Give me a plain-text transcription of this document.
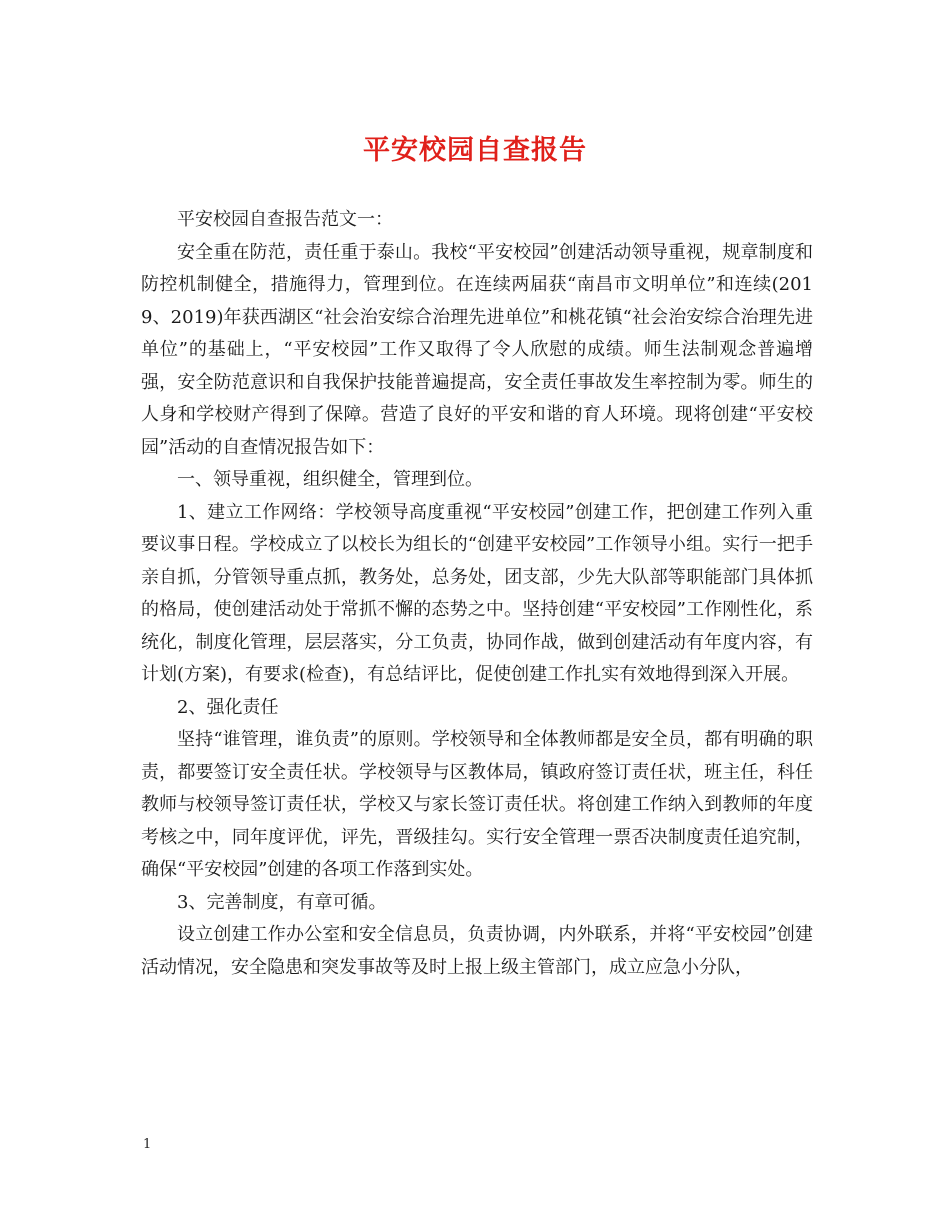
平安校园自查报告

平安校园自查报告范文一：

安全重在防范，责任重于泰山。我校“平安校园”创建活动领导重视，规章制度和防控机制健全，措施得力，管理到位。在连续两届获“南昌市文明单位”和连续(2019、2019)年获西湖区“社会治安综合治理先进单位”和桃花镇“社会治安综合治理先进单位”的基础上，“平安校园”工作又取得了令人欣慰的成绩。师生法制观念普遍增强，安全防范意识和自我保护技能普遍提高，安全责任事故发生率控制为零。师生的人身和学校财产得到了保障。营造了良好的平安和谐的育人环境。现将创建“平安校园”活动的自查情况报告如下：

一、领导重视，组织健全，管理到位。

1、建立工作网络：学校领导高度重视“平安校园”创建工作，把创建工作列入重要议事日程。学校成立了以校长为组长的“创建平安校园”工作领导小组。实行一把手亲自抓，分管领导重点抓，教务处，总务处，团支部，少先大队部等职能部门具体抓的格局，使创建活动处于常抓不懈的态势之中。坚持创建“平安校园”工作刚性化，系统化，制度化管理，层层落实，分工负责，协同作战，做到创建活动有年度内容，有计划(方案)，有要求(检查)，有总结评比，促使创建工作扎实有效地得到深入开展。

2、强化责任

坚持“谁管理，谁负责”的原则。学校领导和全体教师都是安全员，都有明确的职责，都要签订安全责任状。学校领导与区教体局，镇政府签订责任状，班主任，科任教师与校领导签订责任状，学校又与家长签订责任状。将创建工作纳入到教师的年度考核之中，同年度评优，评先，晋级挂勾。实行安全管理一票否决制度责任追究制，确保“平安校园”创建的各项工作落到实处。

3、完善制度，有章可循。

设立创建工作办公室和安全信息员，负责协调，内外联系，并将“平安校园”创建活动情况，安全隐患和突发事故等及时上报上级主管部门，成立应急小分队，

1
